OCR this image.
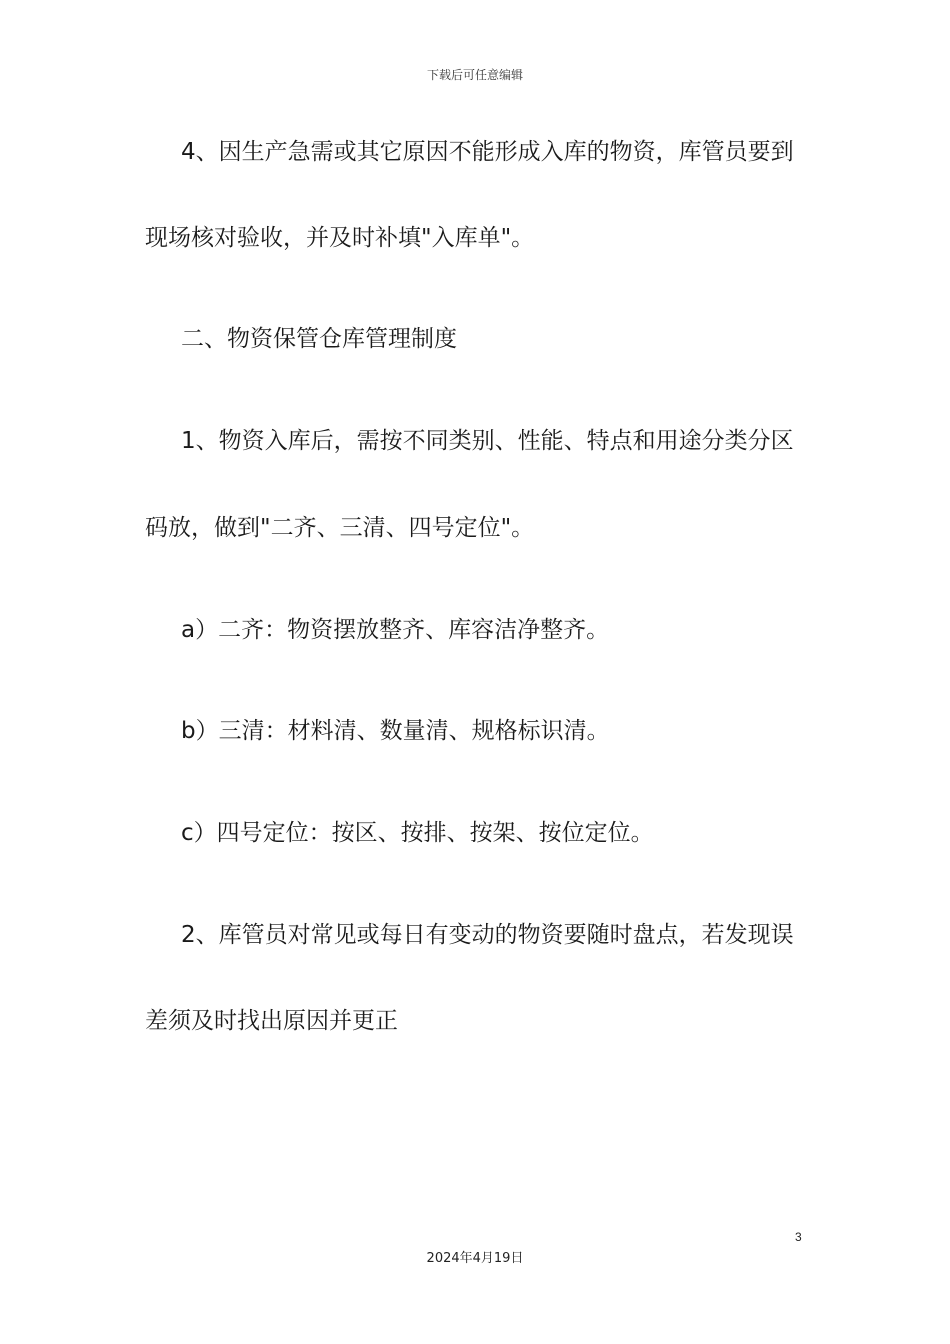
下载后可任意编辑
4、因生产急需或其它原因不能形成入库的物资，库管员要到
现场核对验收，并及时补填"入库单"。
二、物资保管仓库管理制度
1、物资入库后，需按不同类别、性能、特点和用途分类分区
码放，做到"二齐、三清、四号定位"。
a）二齐：物资摆放整齐、库容洁净整齐。
b）三清：材料清、数量清、规格标识清。
c）四号定位：按区、按排、按架、按位定位。
2、库管员对常见或每日有变动的物资要随时盘点，若发现误
差须及时找出原因并更正
3
2024年4月19日
